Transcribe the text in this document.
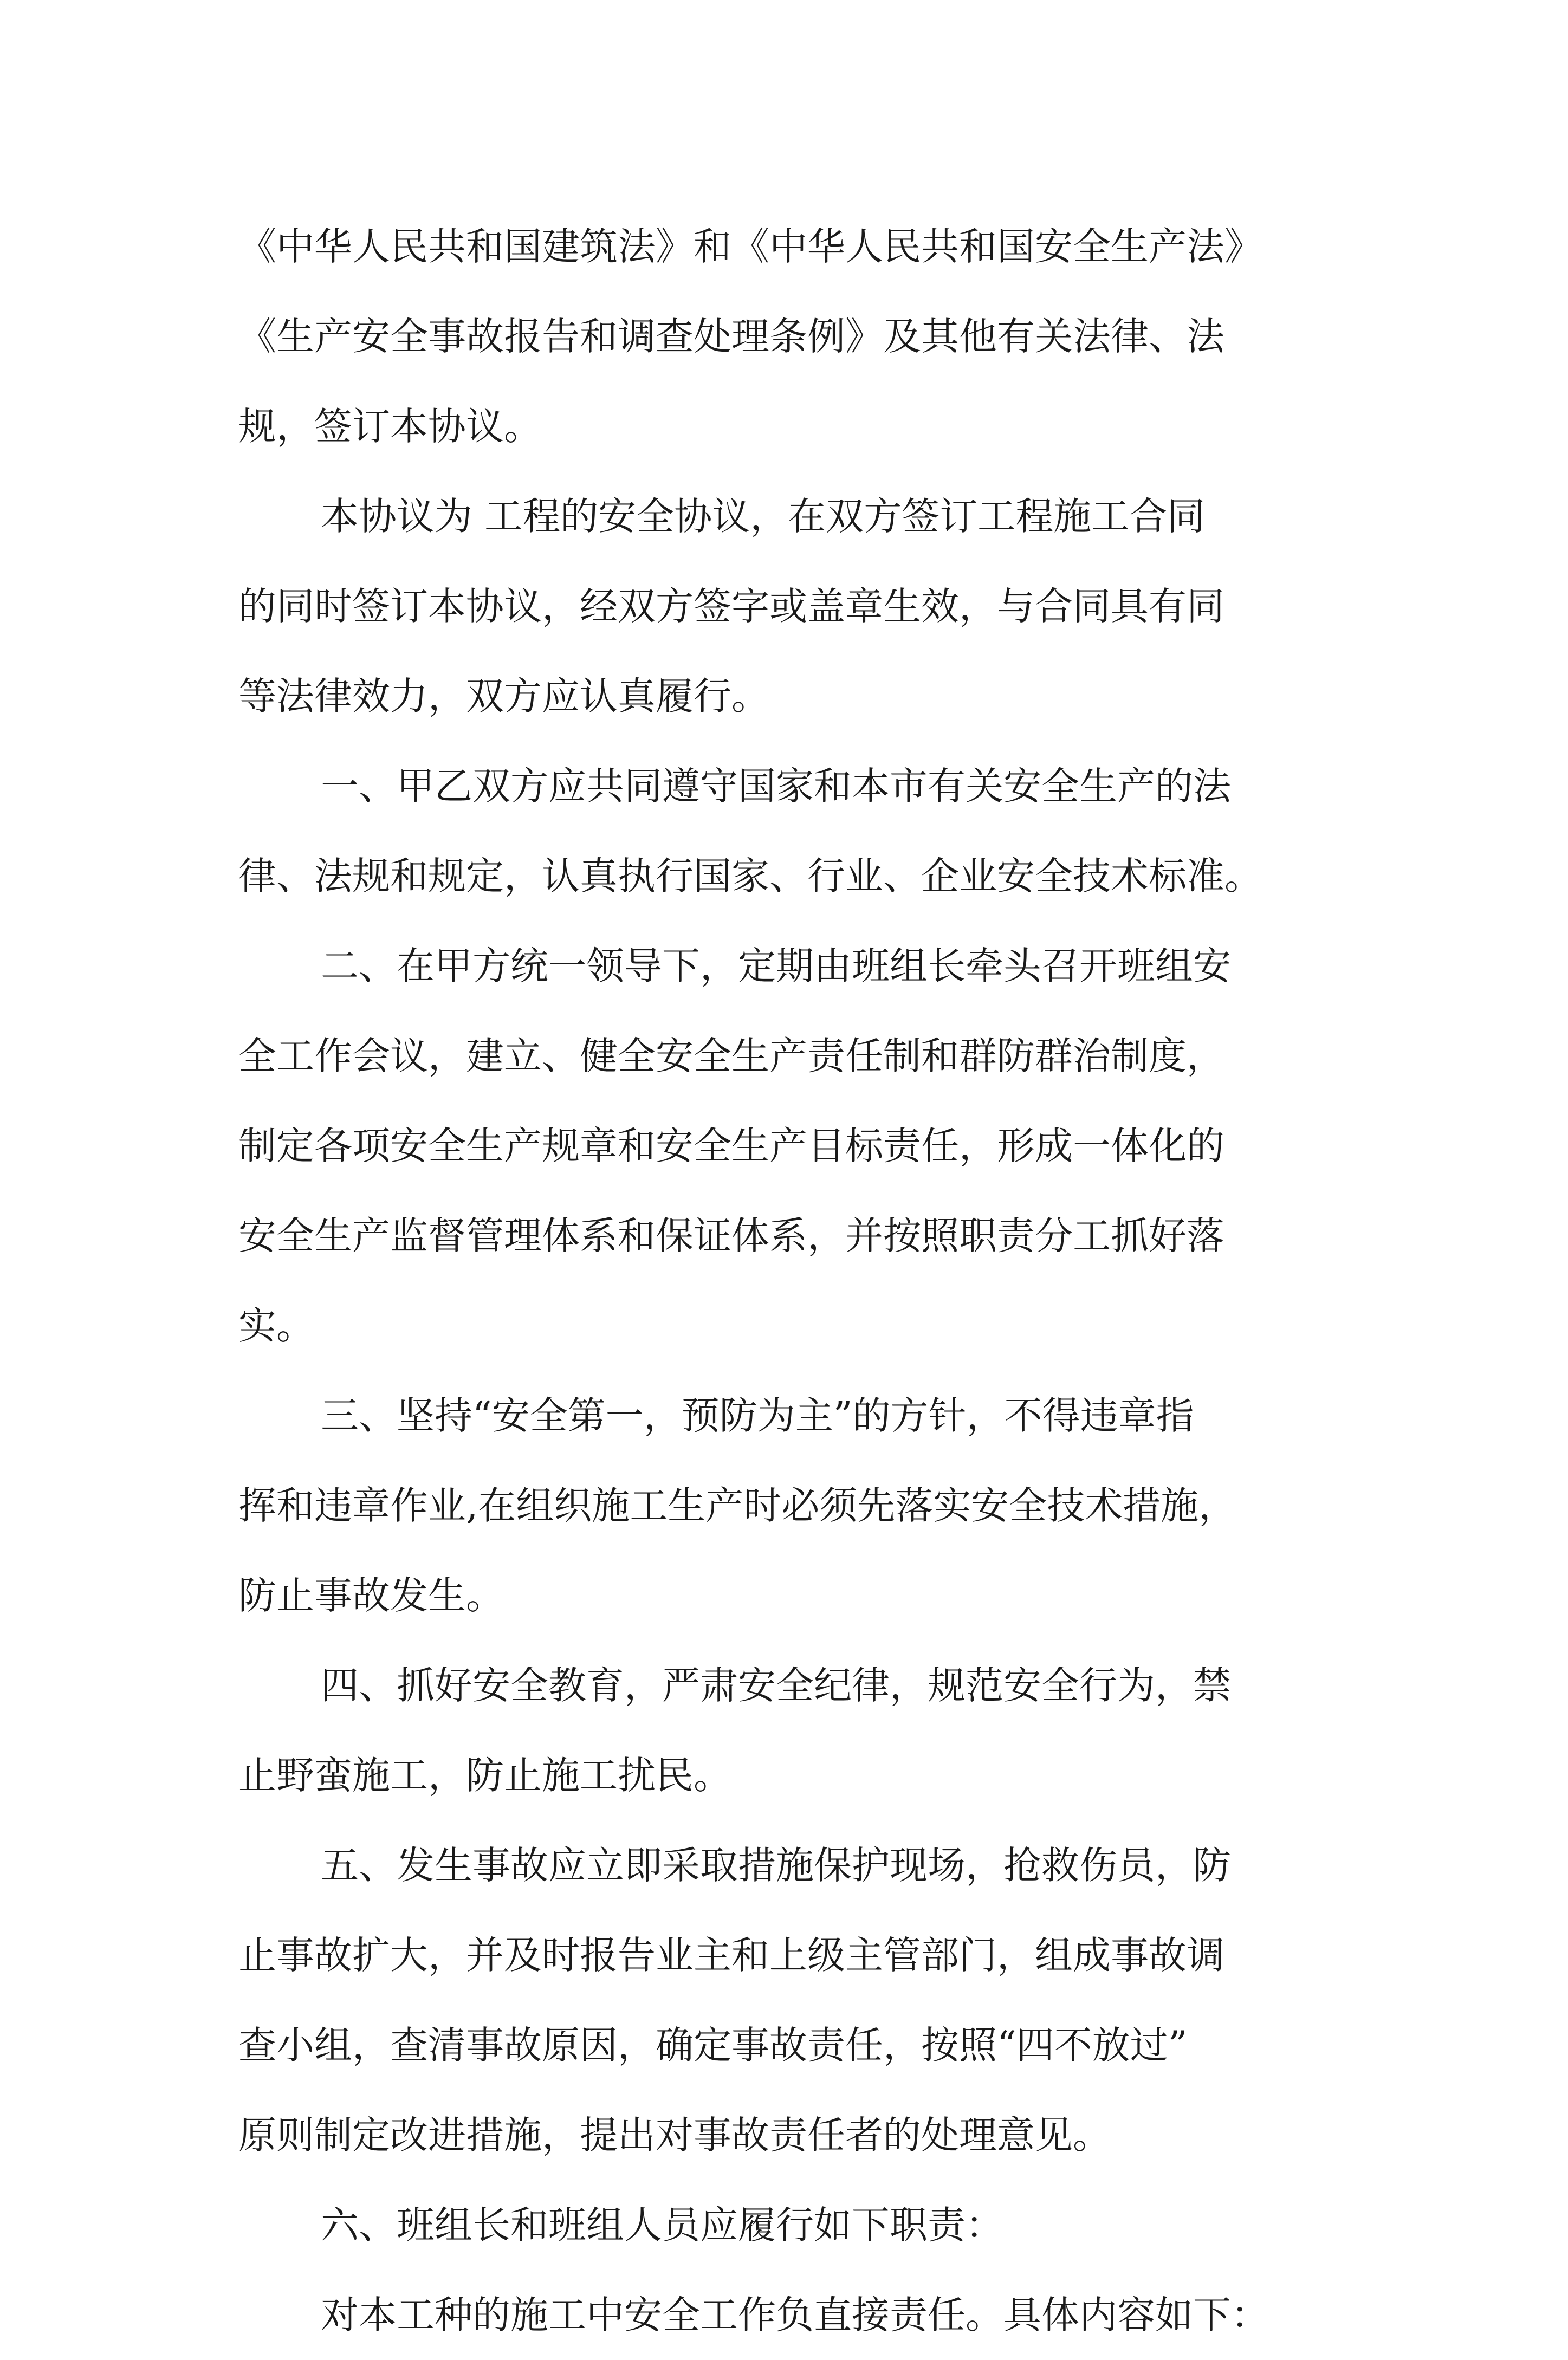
《中华人民共和国建筑法》和《中华人民共和国安全生产法》
《生产安全事故报告和调查处理条例》及其他有关法律、法
规，签订本协议。
本协议为 工程的安全协议，在双方签订工程施工合同
的同时签订本协议，经双方签字或盖章生效，与合同具有同
等法律效力，双方应认真履行。
一、甲乙双方应共同遵守国家和本市有关安全生产的法
律、法规和规定，认真执行国家、行业、企业安全技术标准。
二、在甲方统一领导下，定期由班组长牵头召开班组安
全工作会议，建立、健全安全生产责任制和群防群治制度，
制定各项安全生产规章和安全生产目标责任，形成一体化的
安全生产监督管理体系和保证体系，并按照职责分工抓好落
实。
三、坚持“安全第一，预防为主”的方针，不得违章指
挥和违章作业,在组织施工生产时必须先落实安全技术措施，
防止事故发生。
四、抓好安全教育，严肃安全纪律，规范安全行为，禁
止野蛮施工，防止施工扰民。
五、发生事故应立即采取措施保护现场，抢救伤员，防
止事故扩大，并及时报告业主和上级主管部门，组成事故调
查小组，查清事故原因，确定事故责任，按照“四不放过”
原则制定改进措施，提出对事故责任者的处理意见。
六、班组长和班组人员应履行如下职责：
对本工种的施工中安全工作负直接责任。具体内容如下：
